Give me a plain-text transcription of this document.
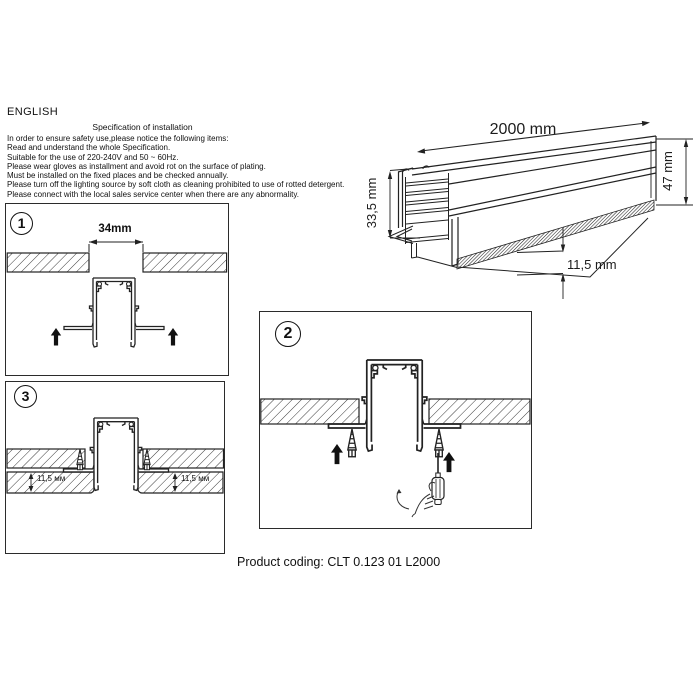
ENGLISH
Specification of installation
In order to ensure safety use,please notice the following items:
Read and understand the whole Specification.
Suitable for the use of 220-240V and 50 ~ 60Hz.
Please wear gloves as installment and avoid rot on the surface of plating.
Must be installed on the fixed places and be checked annually.
Please turn off the lighting source by soft cloth as cleaning prohibited to use of rotted detergent.
Please connect with the local sales service center when there are any abnormality.
2000 mm
47 mm
33,5 mm
11,5 mm
1
2
3
34mm
11,5 мм	11,5 мм
Product coding: CLT 0.123 01 L2000
